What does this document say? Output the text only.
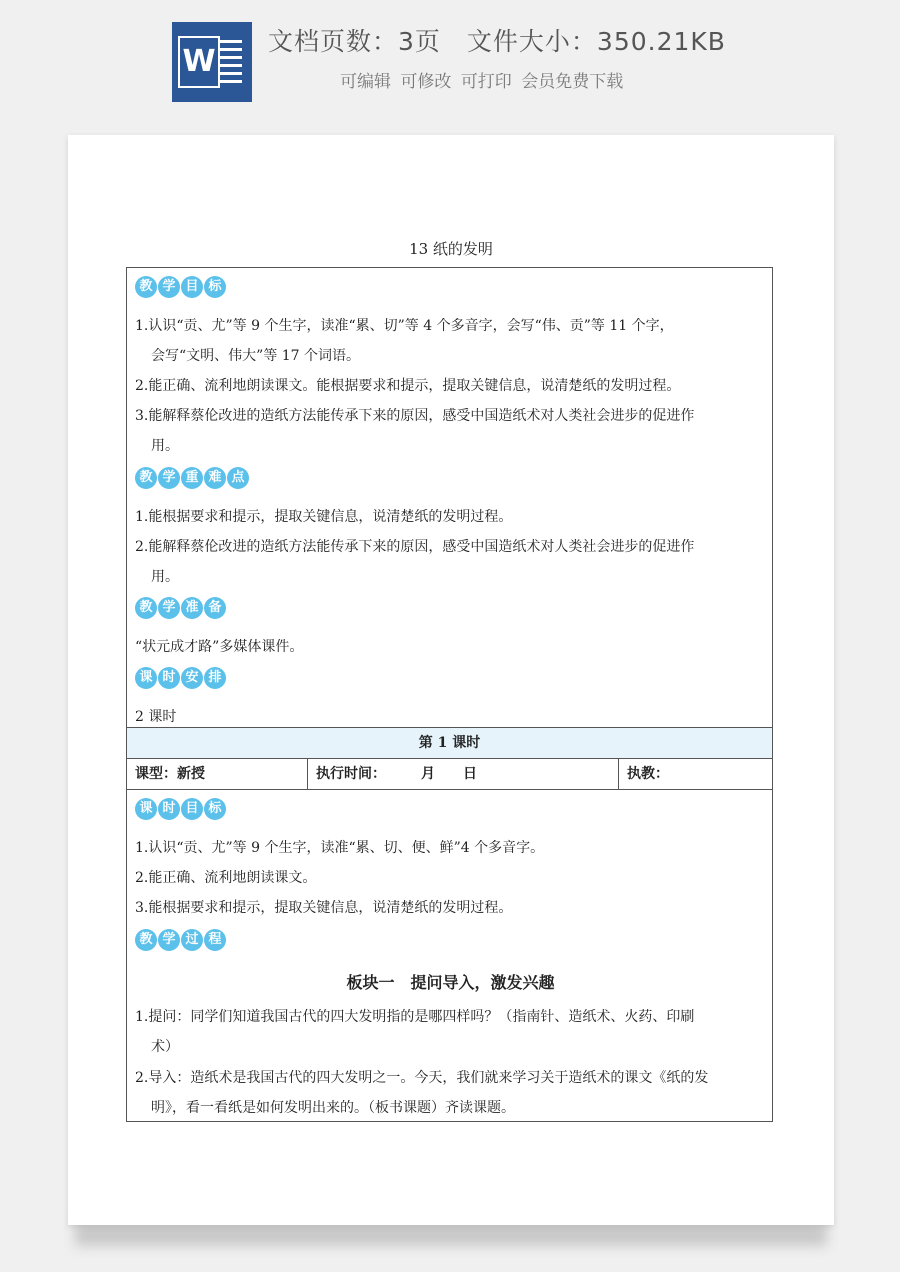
W
文档页数：3页　文件大小：350.21KB
可编辑 可修改 可打印 会员免费下载
13 纸的发明
教 学 目 标
1.认识“贡、尤”等 9 个生字，读准“累、切”等 4 个多音字，会写“伟、贡”等 11 个字，
会写“文明、伟大”等 17 个词语。
2.能正确、流利地朗读课文。能根据要求和提示，提取关键信息，说清楚纸的发明过程。
3.能解释蔡伦改进的造纸方法能传承下来的原因，感受中国造纸术对人类社会进步的促进作
用。
教 学 重 难 点
1.能根据要求和提示，提取关键信息，说清楚纸的发明过程。
2.能解释蔡伦改进的造纸方法能传承下来的原因，感受中国造纸术对人类社会进步的促进作
用。
教 学 准 备
“状元成才路”多媒体课件。
课 时 安 排
2 课时
第 1 课时
课型：新授	执行时间：　　　月　　日	执教：
课 时 目 标
1.认识“贡、尤”等 9 个生字，读准“累、切、便、鲜”4 个多音字。
2.能正确、流利地朗读课文。
3.能根据要求和提示，提取关键信息，说清楚纸的发明过程。
教 学 过 程
板块一　提问导入，激发兴趣
1.提问：同学们知道我国古代的四大发明指的是哪四样吗？（指南针、造纸术、火药、印刷
术）
2.导入：造纸术是我国古代的四大发明之一。今天，我们就来学习关于造纸术的课文《纸的发
明》，看一看纸是如何发明出来的。（板书课题）齐读课题。
